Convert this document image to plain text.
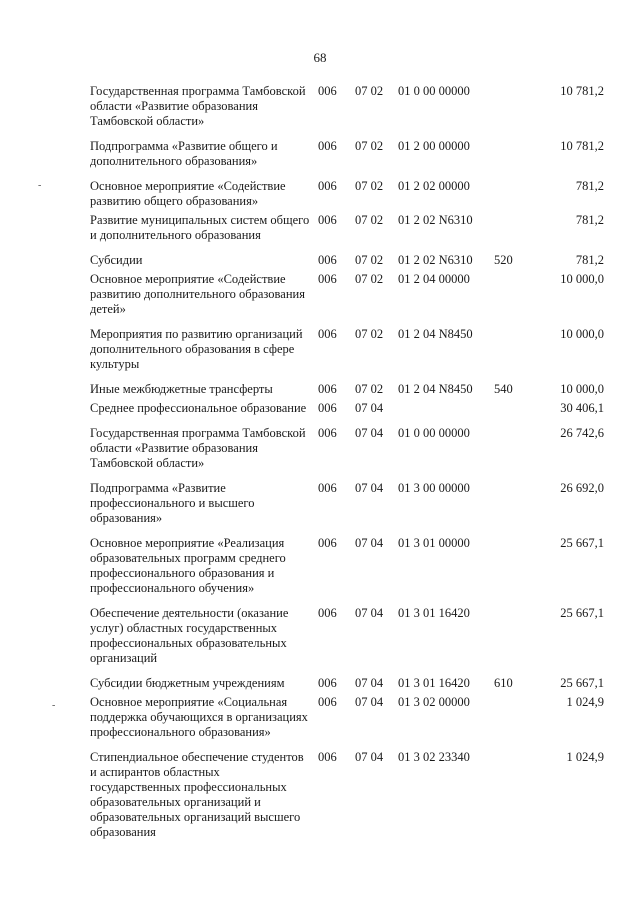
68
-
-
Государственная программа Тамбовской области «Развитие образования Тамбовской области»	006	07 02	01 0 00 00000		10 781,2
Подпрограмма «Развитие общего и дополнительного образования»	006	07 02	01 2 00 00000		10 781,2
Основное мероприятие «Содействие развитию общего образования»	006	07 02	01 2 02 00000		781,2
Развитие муниципальных систем общего и дополнительного образования	006	07 02	01 2 02 N6310		781,2
Субсидии	006	07 02	01 2 02 N6310	520	781,2
Основное мероприятие «Содействие развитию дополнительного образования детей»	006	07 02	01 2 04 00000		10 000,0
Мероприятия по развитию организаций дополнительного образования в сфере культуры	006	07 02	01 2 04 N8450		10 000,0
Иные межбюджетные трансферты	006	07 02	01 2 04 N8450	540	10 000,0
Среднее профессиональное образование	006	07 04			30 406,1
Государственная программа Тамбовской области «Развитие образования Тамбовской области»	006	07 04	01 0 00 00000		26 742,6
Подпрограмма «Развитие профессионального и высшего образования»	006	07 04	01 3 00 00000		26 692,0
Основное мероприятие «Реализация образовательных программ среднего профессионального образования и профессионального обучения»	006	07 04	01 3 01 00000		25 667,1
Обеспечение деятельности (оказание услуг) областных государственных профессиональных образовательных организаций	006	07 04	01 3 01 16420		25 667,1
Субсидии бюджетным учреждениям	006	07 04	01 3 01 16420	610	25 667,1
Основное мероприятие «Социальная поддержка обучающихся в организациях профессионального образования»	006	07 04	01 3 02 00000		1 024,9
Стипендиальное обеспечение студентов и аспирантов областных государственных профессиональных образовательных организаций и образовательных организаций высшего образования	006	07 04	01 3 02 23340		1 024,9
